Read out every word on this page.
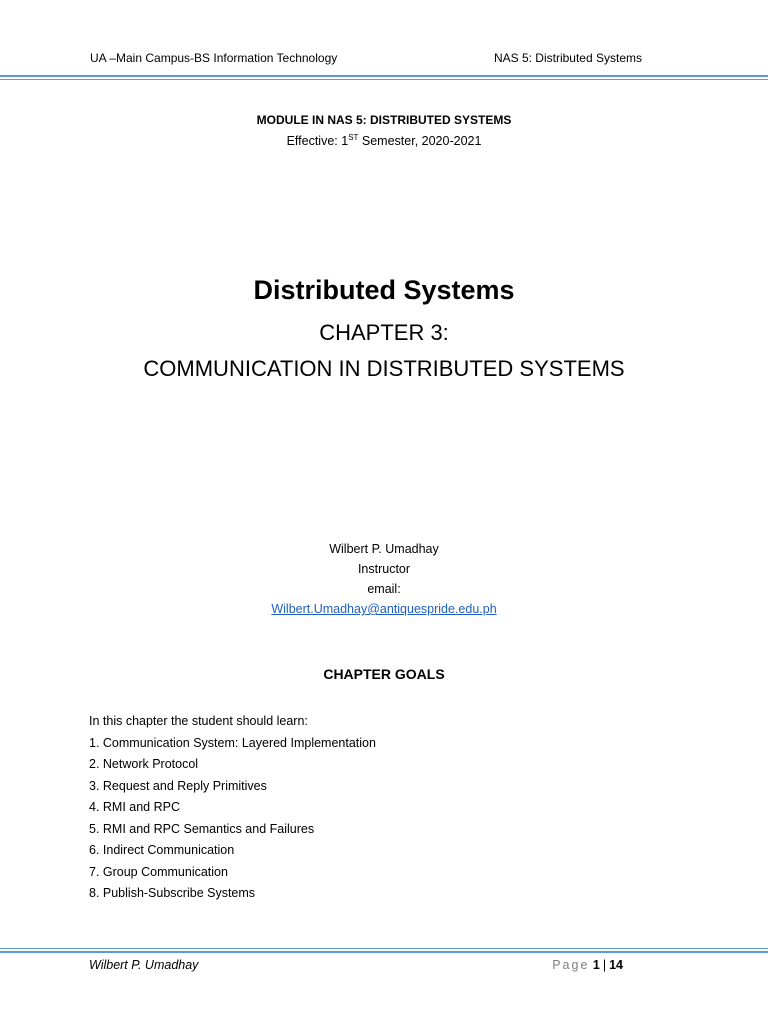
UA –Main Campus-BS Information Technology	NAS 5: Distributed Systems
MODULE IN NAS 5: DISTRIBUTED SYSTEMS
Effective: 1ST Semester, 2020-2021
Distributed Systems
CHAPTER 3:
COMMUNICATION IN DISTRIBUTED SYSTEMS
Wilbert P. Umadhay
Instructor
email:
Wilbert.Umadhay@antiquespride.edu.ph
CHAPTER GOALS
In this chapter the student should learn:
1. Communication System: Layered Implementation
2. Network Protocol
3. Request and Reply Primitives
4. RMI and RPC
5. RMI and RPC Semantics and Failures
6. Indirect Communication
7. Group Communication
8. Publish-Subscribe Systems
Wilbert P. Umadhay	Page 1 | 14
